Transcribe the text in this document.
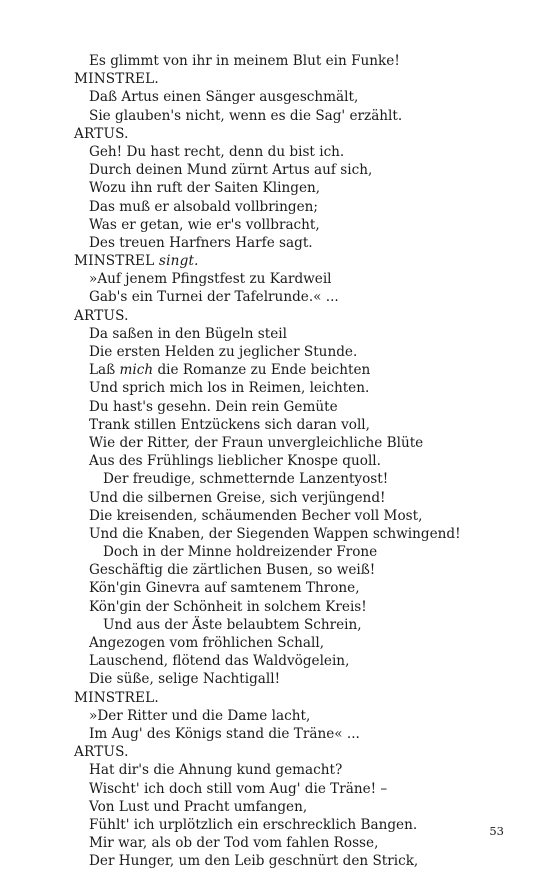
Es glimmt von ihr in meinem Blut ein Funke!
MINSTREL.
Daß Artus einen Sänger ausgeschmält,
Sie glauben's nicht, wenn es die Sag' erzählt.
ARTUS.
Geh! Du hast recht, denn du bist ich.
Durch deinen Mund zürnt Artus auf sich,
Wozu ihn ruft der Saiten Klingen,
Das muß er alsobald vollbringen;
Was er getan, wie er's vollbracht,
Des treuen Harfners Harfe sagt.
MINSTREL singt.
»Auf jenem Pfingstfest zu Kardweil
Gab's ein Turnei der Tafelrunde.« ...
ARTUS.
Da saßen in den Bügeln steil
Die ersten Helden zu jeglicher Stunde.
Laß mich die Romanze zu Ende beichten
Und sprich mich los in Reimen, leichten.
Du hast's gesehn. Dein rein Gemüte
Trank stillen Entzückens sich daran voll,
Wie der Ritter, der Fraun unvergleichliche Blüte
Aus des Frühlings lieblicher Knospe quoll.
Der freudige, schmetternde Lanzentyost!
Und die silbernen Greise, sich verjüngend!
Die kreisenden, schäumenden Becher voll Most,
Und die Knaben, der Siegenden Wappen schwingend!
Doch in der Minne holdreizender Frone
Geschäftig die zärtlichen Busen, so weiß!
Kön'gin Ginevra auf samtenem Throne,
Kön'gin der Schönheit in solchem Kreis!
Und aus der Äste belaubtem Schrein,
Angezogen vom fröhlichen Schall,
Lauschend, flötend das Waldvögelein,
Die süße, selige Nachtigall!
MINSTREL.
»Der Ritter und die Dame lacht,
Im Aug' des Königs stand die Träne« ...
ARTUS.
Hat dir's die Ahnung kund gemacht?
Wischt' ich doch still vom Aug' die Träne! –
Von Lust und Pracht umfangen,
Fühlt' ich urplötzlich ein erschrecklich Bangen.
Mir war, als ob der Tod vom fahlen Rosse,
Der Hunger, um den Leib geschnürt den Strick,
53
